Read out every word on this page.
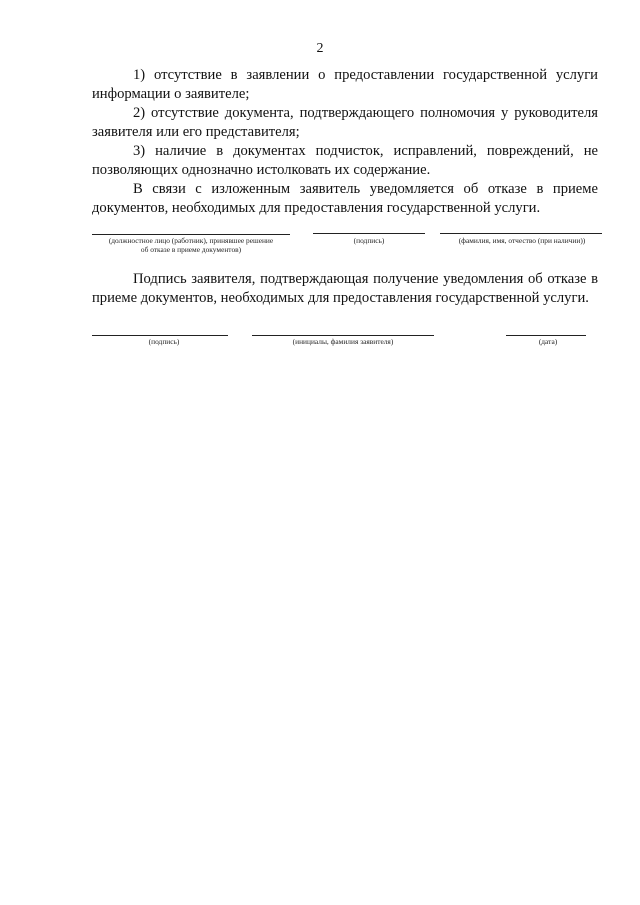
2

1) отсутствие в заявлении о предоставлении государственной услуги информации о заявителе;

2) отсутствие документа, подтверждающего полномочия у руководителя заявителя или его представителя;

3) наличие в документах подчисток, исправлений, повреждений, не позволяющих однозначно истолковать их содержание.

В связи с изложенным заявитель уведомляется об отказе в приеме документов, необходимых для предоставления государственной услуги.

(должностное лицо (работник), принявшее решение
об отказе в приеме документов)
(подпись)	(фамилия, имя, отчество (при наличии))

Подпись заявителя, подтверждающая получение уведомления об отказе в приеме документов, необходимых для предоставления государственной услуги.

(подпись)	(инициалы, фамилия заявителя)	(дата)
